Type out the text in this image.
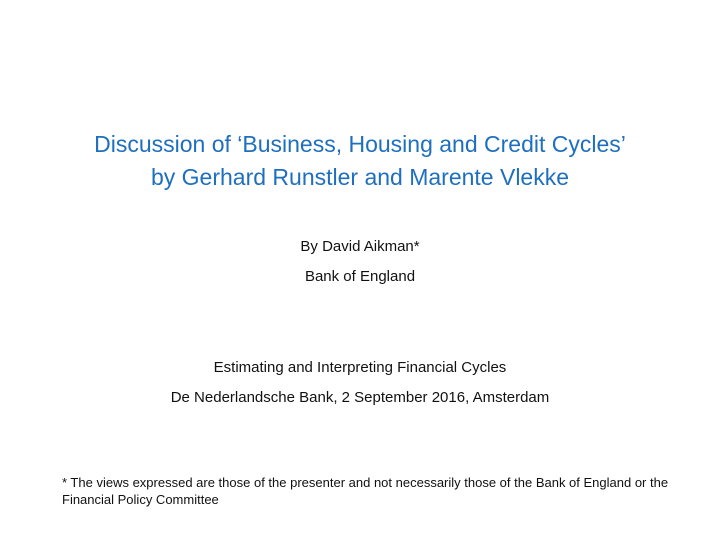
Discussion of ‘Business, Housing and Credit Cycles’
by Gerhard Runstler and Marente Vlekke
By David Aikman*
Bank of England
Estimating and Interpreting Financial Cycles
De Nederlandsche Bank, 2 September 2016, Amsterdam
* The views expressed are those of the presenter and not necessarily those of the Bank of England or the Financial Policy Committee
